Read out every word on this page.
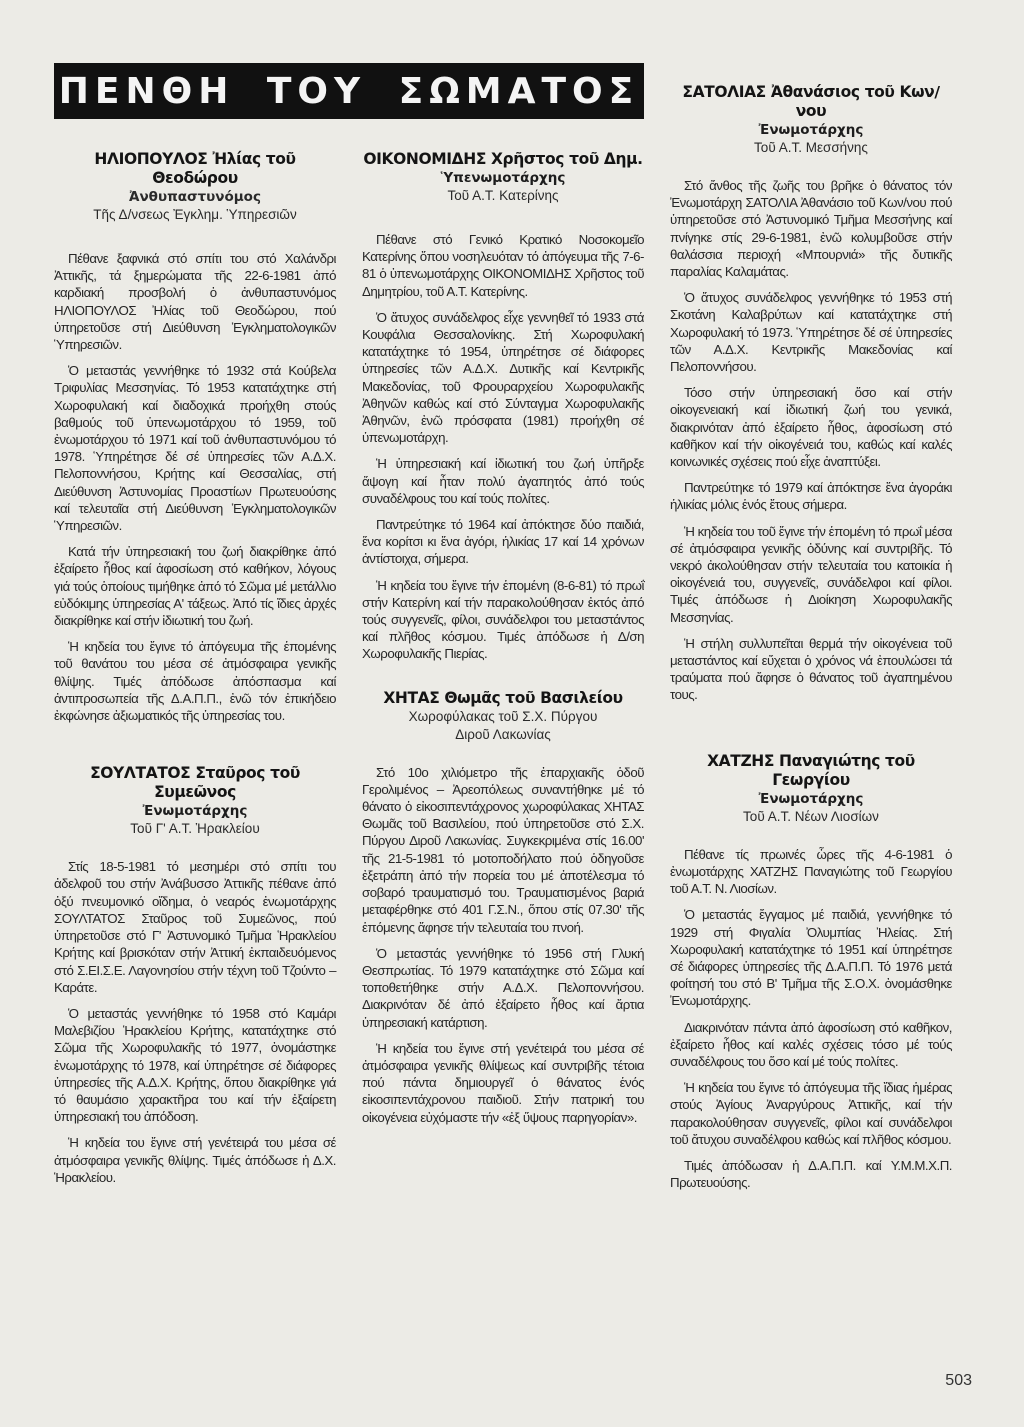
ΠΕΝΘΗ ΤΟΥ ΣΩΜΑΤΟΣ
ΗΛΙΟΠΟΥΛΟΣ Ἠλίας τοῦ Θεοδώρου
Ἀνθυπαστυνόμος
Τῆς Δ/νσεως Ἐγκλημ. Ὑπηρεσιῶν

Πέθανε ξαφνικά στό σπίτι του στό Χαλάνδρι Ἀττικῆς, τά ξημερώματα τῆς 22-6-1981 ἀπό καρδιακή προσβολή ὁ ἀνθυπαστυνόμος ΗΛΙΟΠΟΥΛΟΣ Ἠλίας τοῦ Θεοδώρου, πού ὑπηρετοῦσε στή Διεύθυνση Ἐγκληματολογικῶν Ὑπηρεσιῶν.

Ὁ μεταστάς γεννήθηκε τό 1932 στά Κούβελα Τριφυλίας Μεσσηνίας. Τό 1953 κατατάχτηκε στή Χωροφυλακή καί διαδοχικά προήχθη στούς βαθμούς τοῦ ὑπενωμοτάρχου τό 1959, τοῦ ἐνωμοτάρχου τό 1971 καί τοῦ ἀνθυπαστυνόμου τό 1978. Ὑπηρέτησε δέ σέ ὑπηρεσίες τῶν Α.Δ.Χ. Πελοποννήσου, Κρήτης καί Θεσσαλίας, στή Διεύθυνση Ἀστυνομίας Προαστίων Πρωτευούσης καί τελευταῖα στή Διεύθυνση Ἐγκληματολογικῶν Ὑπηρεσιῶν.

Κατά τήν ὑπηρεσιακή του ζωή διακρίθηκε ἀπό ἐξαίρετο ἦθος καί ἀφοσίωση στό καθήκον, λόγους γιά τούς ὁποίους τιμήθηκε ἀπό τό Σῶμα μέ μετάλλιο εὐδόκιμης ὑπηρεσίας Α' τάξεως. Ἀπό τίς ἴδιες ἀρχές διακρίθηκε καί στήν ἰδιωτική του ζωή.

Ἡ κηδεία του ἔγινε τό ἀπόγευμα τῆς ἑπομένης τοῦ θανάτου του μέσα σέ ἀτμόσφαιρα γενικῆς θλίψης. Τιμές ἀπόδωσε ἀπόσπασμα καί ἀντιπροσωπεία τῆς Δ.Α.Π.Π., ἐνῶ τόν ἐπικήδειο ἐκφώνησε ἀξιωματικός τῆς ὑπηρεσίας του.

ΣΟΥΛΤΑΤΟΣ Σταῦρος τοῦ Συμεῶνος
Ἐνωμοτάρχης
Τοῦ Γ' Α.Τ. Ἡρακλείου

Στίς 18-5-1981 τό μεσημέρι στό σπίτι του ἀδελφοῦ του στήν Ἀνάβυσσο Ἀττικῆς πέθανε ἀπό ὀξύ πνευμονικό οἴδημα, ὁ νεαρός ἐνωμοτάρχης ΣΟΥΛΤΑΤΟΣ Σταῦρος τοῦ Συμεῶνος, πού ὑπηρετοῦσε στό Γ' Ἀστυνομικό Τμῆμα Ἡρακλείου Κρήτης καί βρισκόταν στήν Ἀττική ἐκπαιδευόμενος στό Σ.ΕΙ.Σ.Ε. Λαγονησίου στήν τέχνη τοῦ Τζούντο – Καράτε.

Ὁ μεταστάς γεννήθηκε τό 1958 στό Καμάρι Μαλεβιζίου Ἡρακλείου Κρήτης, κατατάχτηκε στό Σῶμα τῆς Χωροφυλακῆς τό 1977, ὀνομάστηκε ἐνωμοτάρχης τό 1978, καί ὑπηρέτησε σέ διάφορες ὑπηρεσίες τῆς Α.Δ.Χ. Κρήτης, ὅπου διακρίθηκε γιά τό θαυμάσιο χαρακτῆρα του καί τήν ἐξαίρετη ὑπηρεσιακή του ἀπόδοση.

Ἡ κηδεία του ἔγινε στή γενέτειρά του μέσα σέ ἀτμόσφαιρα γενικῆς θλίψης. Τιμές ἀπόδωσε ἡ Δ.Χ. Ἡρακλείου.

ΟΙΚΟΝΟΜΙΔΗΣ Χρῆστος τοῦ Δημ.
Ὑπενωμοτάρχης
Τοῦ Α.Τ. Κατερίνης

Πέθανε στό Γενικό Κρατικό Νοσοκομεῖο Κατερίνης ὅπου νοσηλευόταν τό ἀπόγευμα τῆς 7-6-81 ὁ ὑπενωμοτάρχης ΟΙΚΟΝΟΜΙΔΗΣ Χρῆστος τοῦ Δημητρίου, τοῦ Α.Τ. Κατερίνης.

Ὁ ἄτυχος συνάδελφος εἶχε γεννηθεῖ τό 1933 στά Κουφάλια Θεσσαλονίκης. Στή Χωροφυλακή κατατάχτηκε τό 1954, ὑπηρέτησε σέ διάφορες ὑπηρεσίες τῶν Α.Δ.Χ. Δυτικῆς καί Κεντρικῆς Μακεδονίας, τοῦ Φρουραρχείου Χωροφυλακῆς Ἀθηνῶν καθώς καί στό Σύνταγμα Χωροφυλακῆς Ἀθηνῶν, ἐνῶ πρόσφατα (1981) προήχθη σέ ὑπενωμοτάρχη.

Ἡ ὑπηρεσιακή καί ἰδιωτική του ζωή ὑπῆρξε ἄψογη καί ἦταν πολύ ἀγαπητός ἀπό τούς συναδέλφους του καί τούς πολίτες.

Παντρεύτηκε τό 1964 καί ἀπόκτησε δύο παιδιά, ἕνα κορίτσι κι ἕνα ἀγόρι, ἡλικίας 17 καί 14 χρόνων ἀντίστοιχα, σήμερα.

Ἡ κηδεία του ἔγινε τήν ἑπομένη (8-6-81) τό πρωΐ στήν Κατερίνη καί τήν παρακολούθησαν ἐκτός ἀπό τούς συγγενεῖς, φίλοι, συνάδελφοι του μεταστάντος καί πλῆθος κόσμου. Τιμές ἀπόδωσε ἡ Δ/ση Χωροφυλακῆς Πιερίας.

ΧΗΤΑΣ Θωμᾶς τοῦ Βασιλείου
Χωροφύλακας τοῦ Σ.Χ. Πύργου Διροῦ Λακωνίας

Στό 10ο χιλιόμετρο τῆς ἐπαρχιακῆς ὁδοῦ Γερολιμένος – Ἀρεοπόλεως συναντήθηκε μέ τό θάνατο ὁ εἰκοσιπεντάχρονος χωροφύλακας ΧΗΤΑΣ Θωμᾶς τοῦ Βασιλείου, πού ὑπηρετοῦσε στό Σ.Χ. Πύργου Διροῦ Λακωνίας. Συγκεκριμένα στίς 16.00' τῆς 21-5-1981 τό μοτοποδήλατο πού ὁδηγοῦσε ἐξετράπη ἀπό τήν πορεία του μέ ἀποτέλεσμα τό σοβαρό τραυματισμό του. Τραυματισμένος βαριά μεταφέρθηκε στό 401 Γ.Σ.Ν., ὅπου στίς 07.30' τῆς ἑπόμενης ἄφησε τήν τελευταία του πνοή.

Ὁ μεταστάς γεννήθηκε τό 1956 στή Γλυκή Θεσπρωτίας. Τό 1979 κατατάχτηκε στό Σῶμα καί τοποθετήθηκε στήν Α.Δ.Χ. Πελοποννήσου. Διακρινόταν δέ ἀπό ἐξαίρετο ἦθος καί ἄρτια ὑπηρεσιακή κατάρτιση.

Ἡ κηδεία του ἔγινε στή γενέτειρά του μέσα σέ ἀτμόσφαιρα γενικῆς θλίψεως καί συντριβῆς τέτοια πού πάντα δημιουργεῖ ὁ θάνατος ἑνός εἰκοσιπεντάχρονου παιδιοῦ. Στήν πατρική του οἰκογένεια εὐχόμαστε τήν «ἐξ ὕψους παρηγορίαν».

ΣΑΤΟΛΙΑΣ Ἀθανάσιος τοῦ Κων/νου
Ἐνωμοτάρχης
Τοῦ Α.Τ. Μεσσήνης

Στό ἄνθος τῆς ζωῆς του βρῆκε ὁ θάνατος τόν Ἐνωμοτάρχη ΣΑΤΟΛΙΑ Ἀθανάσιο τοῦ Κων/νου πού ὑπηρετοῦσε στό Ἀστυνομικό Τμῆμα Μεσσήνης καί πνίγηκε στίς 29-6-1981, ἐνῶ κολυμβοῦσε στήν θαλάσσια περιοχή «Μπουρνιά» τῆς δυτικῆς παραλίας Καλαμάτας.

Ὁ ἄτυχος συνάδελφος γεννήθηκε τό 1953 στή Σκοτάνη Καλαβρύτων καί κατατάχτηκε στή Χωροφυλακή τό 1973. Ὑπηρέτησε δέ σέ ὑπηρεσίες τῶν Α.Δ.Χ. Κεντρικῆς Μακεδονίας καί Πελοποννήσου.

Τόσο στήν ὑπηρεσιακή ὅσο καί στήν οἰκογενειακή καί ἰδιωτική ζωή του γενικά, διακρινόταν ἀπό ἐξαίρετο ἦθος, ἀφοσίωση στό καθῆκον καί τήν οἰκογένειά του, καθώς καί καλές κοινωνικές σχέσεις πού εἶχε ἀναπτύξει.

Παντρεύτηκε τό 1979 καί ἀπόκτησε ἕνα ἀγοράκι ἡλικίας μόλις ἑνός ἔτους σήμερα.

Ἡ κηδεία του τοῦ ἔγινε τήν ἑπομένη τό πρωΐ μέσα σέ ἀτμόσφαιρα γενικῆς ὀδύνης καί συντριβῆς. Τό νεκρό ἀκολούθησαν στήν τελευταία του κατοικία ἡ οἰκογένειά του, συγγενεῖς, συνάδελφοι καί φίλοι. Τιμές ἀπόδωσε ἡ Διοίκηση Χωροφυλακῆς Μεσσηνίας.

Ἡ στήλη συλλυπεῖται θερμά τήν οἰκογένεια τοῦ μεταστάντος καί εὔχεται ὁ χρόνος νά ἐπουλώσει τά τραύματα πού ἄφησε ὁ θάνατος τοῦ ἀγαπημένου τους.

ΧΑΤΖΗΣ Παναγιώτης τοῦ Γεωργίου
Ἐνωμοτάρχης
Τοῦ Α.Τ. Νέων Λιοσίων

Πέθανε τίς πρωινές ὧρες τῆς 4-6-1981 ὁ ἐνωμοτάρχης ΧΑΤΖΗΣ Παναγιώτης τοῦ Γεωργίου τοῦ Α.Τ. Ν. Λιοσίων.

Ὁ μεταστάς ἔγγαμος μέ παιδιά, γεννήθηκε τό 1929 στή Φιγαλία Ὀλυμπίας Ἠλείας. Στή Χωροφυλακή κατατάχτηκε τό 1951 καί ὑπηρέτησε σέ διάφορες ὑπηρεσίες τῆς Δ.Α.Π.Π. Τό 1976 μετά φοίτησή του στό Β' Τμῆμα τῆς Σ.Ο.Χ. ὀνομάσθηκε Ἐνωμοτάρχης.

Διακρινόταν πάντα ἀπό ἀφοσίωση στό καθῆκον, ἐξαίρετο ἦθος καί καλές σχέσεις τόσο μέ τούς συναδέλφους του ὅσο καί μέ τούς πολίτες.

Ἡ κηδεία του ἔγινε τό ἀπόγευμα τῆς ἴδιας ἡμέρας στούς Ἁγίους Ἀναργύρους Ἀττικῆς, καί τήν παρακολούθησαν συγγενεῖς, φίλοι καί συνάδελφοι τοῦ ἄτυχου συναδέλφου καθώς καί πλῆθος κόσμου.

Τιμές ἀπόδωσαν ἡ Δ.Α.Π.Π. καί Υ.Μ.Μ.Χ.Π. Πρωτευούσης.

503
